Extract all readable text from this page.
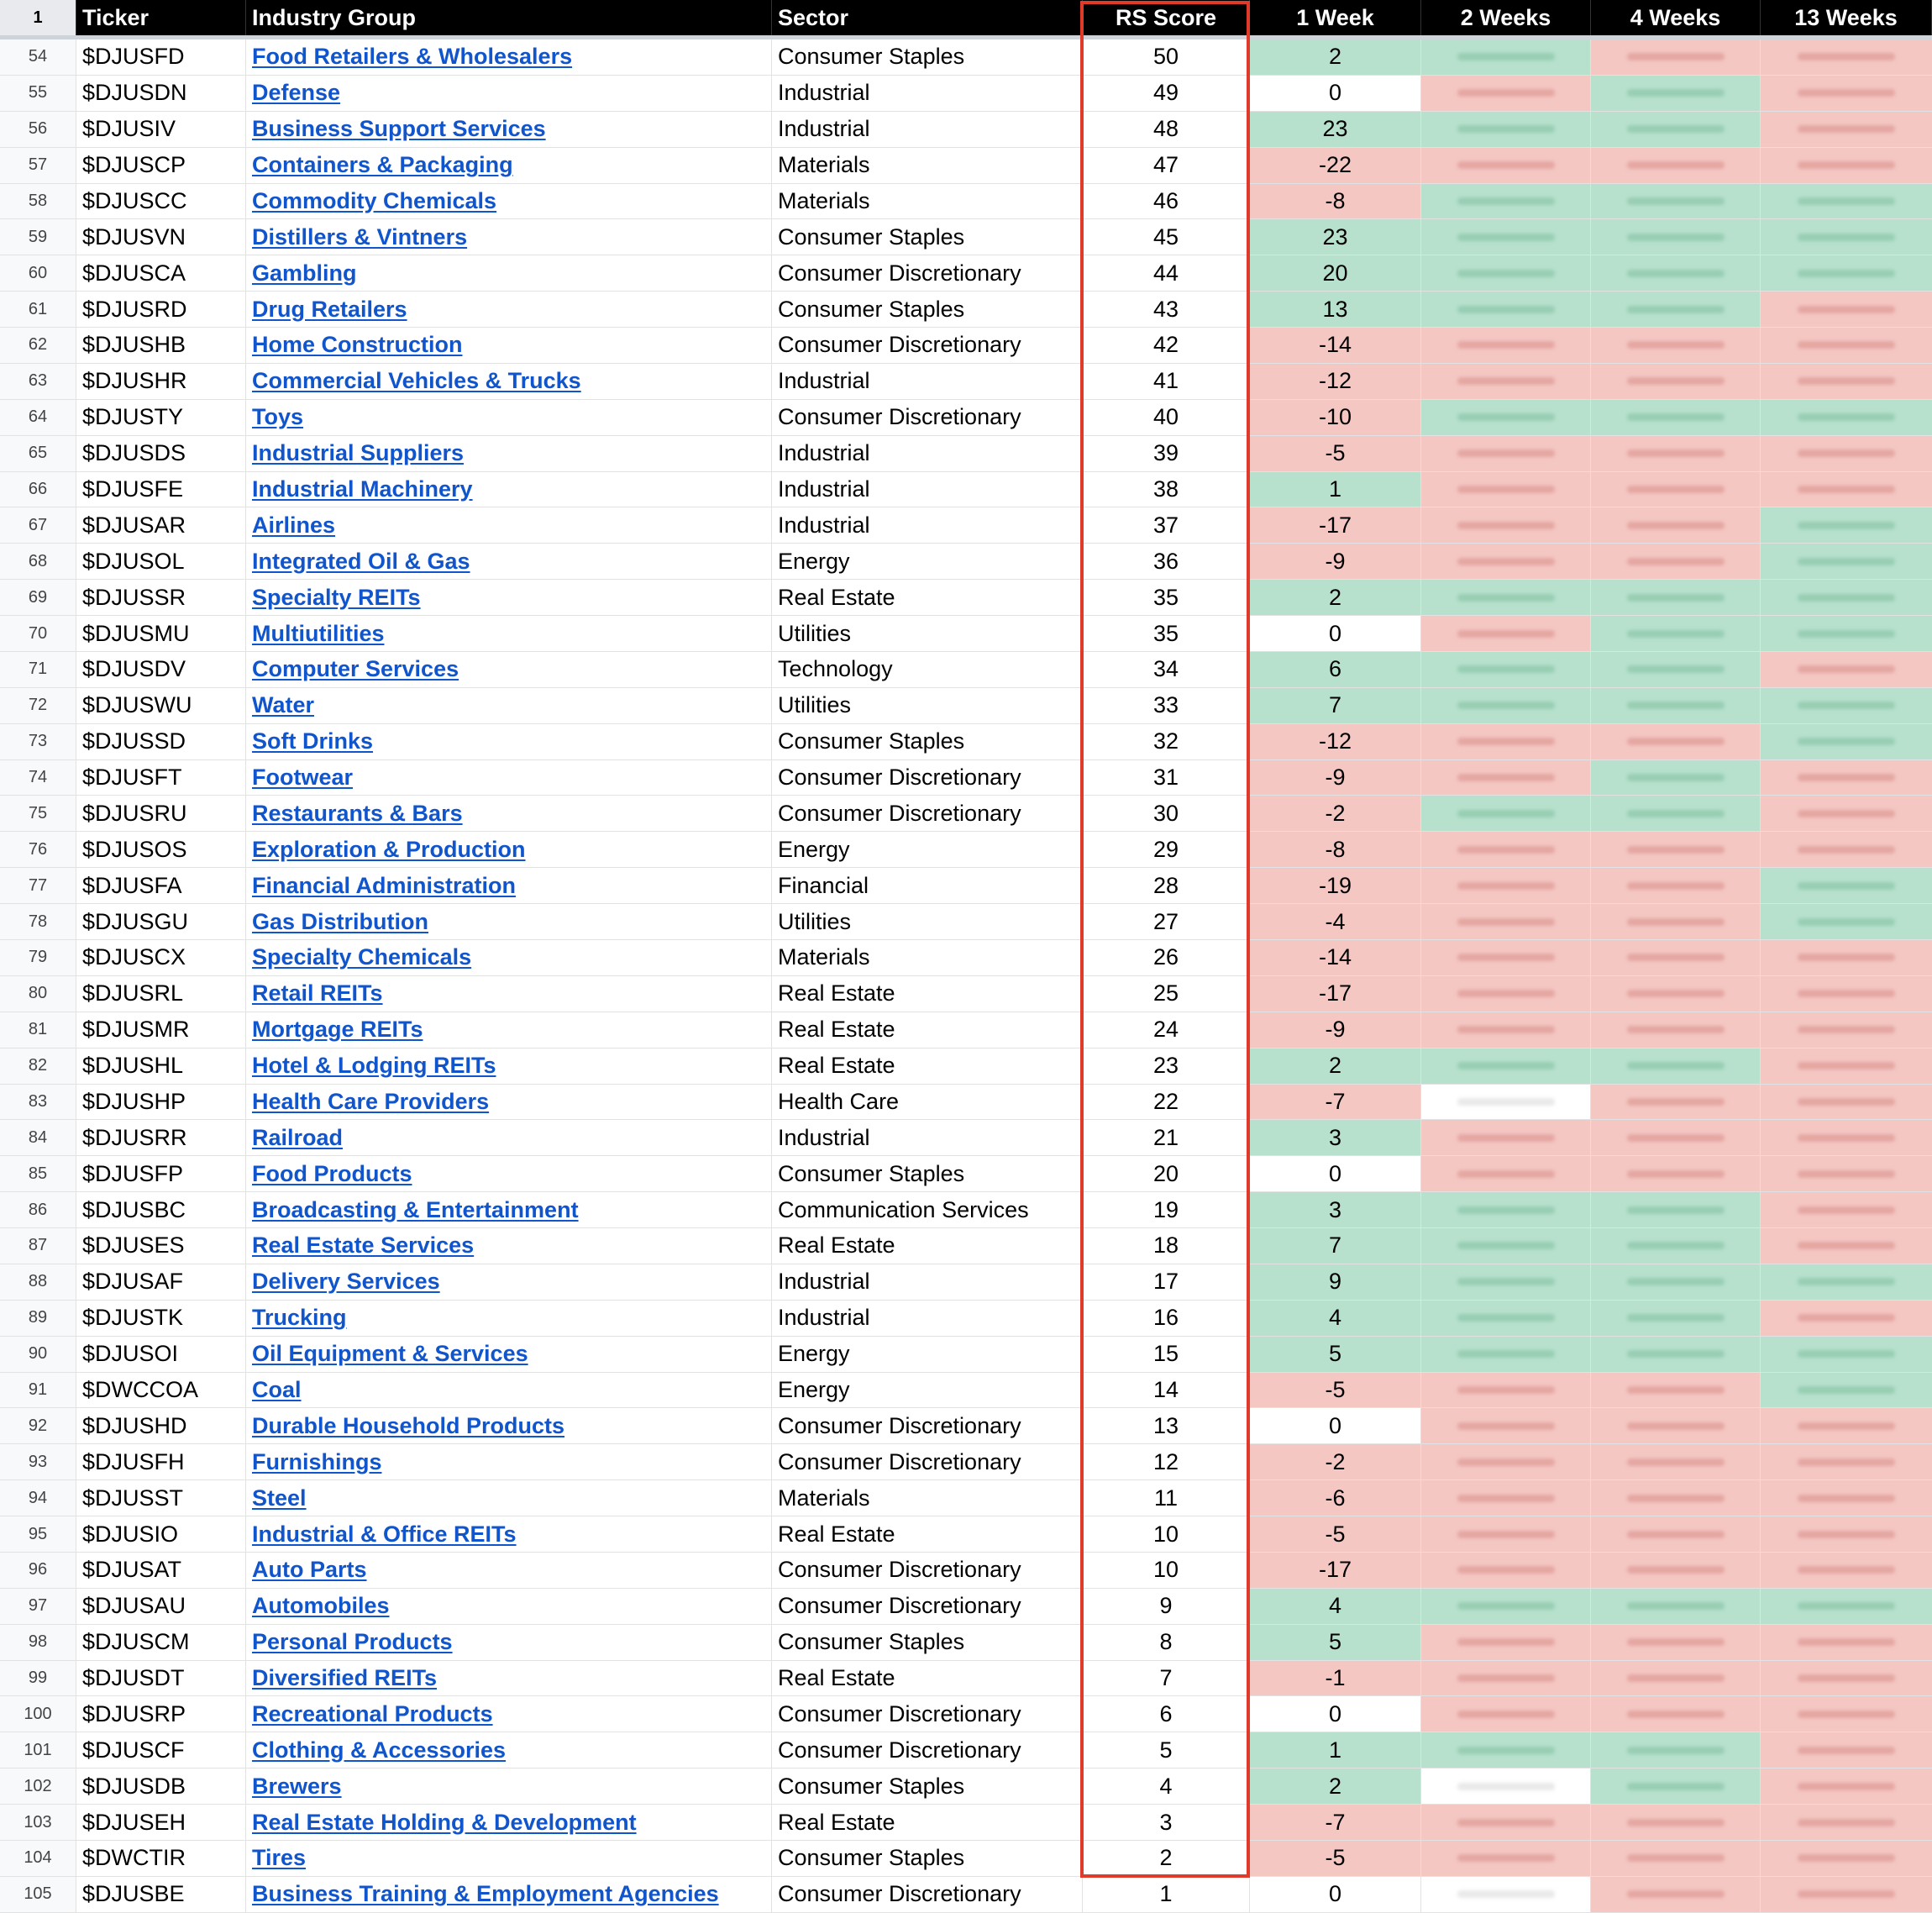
1	Ticker	Industry Group	Sector	RS Score	1 Week	2 Weeks	4 Weeks	13 Weeks
54	$DJUSFD	Food Retailers & Wholesalers	Consumer Staples	50	2
55	$DJUSDN	Defense	Industrial	49	0
56	$DJUSIV	Business Support Services	Industrial	48	23
57	$DJUSCP	Containers & Packaging	Materials	47	-22
58	$DJUSCC	Commodity Chemicals	Materials	46	-8
59	$DJUSVN	Distillers & Vintners	Consumer Staples	45	23
60	$DJUSCA	Gambling	Consumer Discretionary	44	20
61	$DJUSRD	Drug Retailers	Consumer Staples	43	13
62	$DJUSHB	Home Construction	Consumer Discretionary	42	-14
63	$DJUSHR	Commercial Vehicles & Trucks	Industrial	41	-12
64	$DJUSTY	Toys	Consumer Discretionary	40	-10
65	$DJUSDS	Industrial Suppliers	Industrial	39	-5
66	$DJUSFE	Industrial Machinery	Industrial	38	1
67	$DJUSAR	Airlines	Industrial	37	-17
68	$DJUSOL	Integrated Oil & Gas	Energy	36	-9
69	$DJUSSR	Specialty REITs	Real Estate	35	2
70	$DJUSMU	Multiutilities	Utilities	35	0
71	$DJUSDV	Computer Services	Technology	34	6
72	$DJUSWU	Water	Utilities	33	7
73	$DJUSSD	Soft Drinks	Consumer Staples	32	-12
74	$DJUSFT	Footwear	Consumer Discretionary	31	-9
75	$DJUSRU	Restaurants & Bars	Consumer Discretionary	30	-2
76	$DJUSOS	Exploration & Production	Energy	29	-8
77	$DJUSFA	Financial Administration	Financial	28	-19
78	$DJUSGU	Gas Distribution	Utilities	27	-4
79	$DJUSCX	Specialty Chemicals	Materials	26	-14
80	$DJUSRL	Retail REITs	Real Estate	25	-17
81	$DJUSMR	Mortgage REITs	Real Estate	24	-9
82	$DJUSHL	Hotel & Lodging REITs	Real Estate	23	2
83	$DJUSHP	Health Care Providers	Health Care	22	-7
84	$DJUSRR	Railroad	Industrial	21	3
85	$DJUSFP	Food Products	Consumer Staples	20	0
86	$DJUSBC	Broadcasting & Entertainment	Communication Services	19	3
87	$DJUSES	Real Estate Services	Real Estate	18	7
88	$DJUSAF	Delivery Services	Industrial	17	9
89	$DJUSTK	Trucking	Industrial	16	4
90	$DJUSOI	Oil Equipment & Services	Energy	15	5
91	$DWCCOA	Coal	Energy	14	-5
92	$DJUSHD	Durable Household Products	Consumer Discretionary	13	0
93	$DJUSFH	Furnishings	Consumer Discretionary	12	-2
94	$DJUSST	Steel	Materials	11	-6
95	$DJUSIO	Industrial & Office REITs	Real Estate	10	-5
96	$DJUSAT	Auto Parts	Consumer Discretionary	10	-17
97	$DJUSAU	Automobiles	Consumer Discretionary	9	4
98	$DJUSCM	Personal Products	Consumer Staples	8	5
99	$DJUSDT	Diversified REITs	Real Estate	7	-1
100	$DJUSRP	Recreational Products	Consumer Discretionary	6	0
101	$DJUSCF	Clothing & Accessories	Consumer Discretionary	5	1
102	$DJUSDB	Brewers	Consumer Staples	4	2
103	$DJUSEH	Real Estate Holding & Development	Real Estate	3	-7
104	$DWCTIR	Tires	Consumer Staples	2	-5
105	$DJUSBE	Business Training & Employment Agencies	Consumer Discretionary	1	0
